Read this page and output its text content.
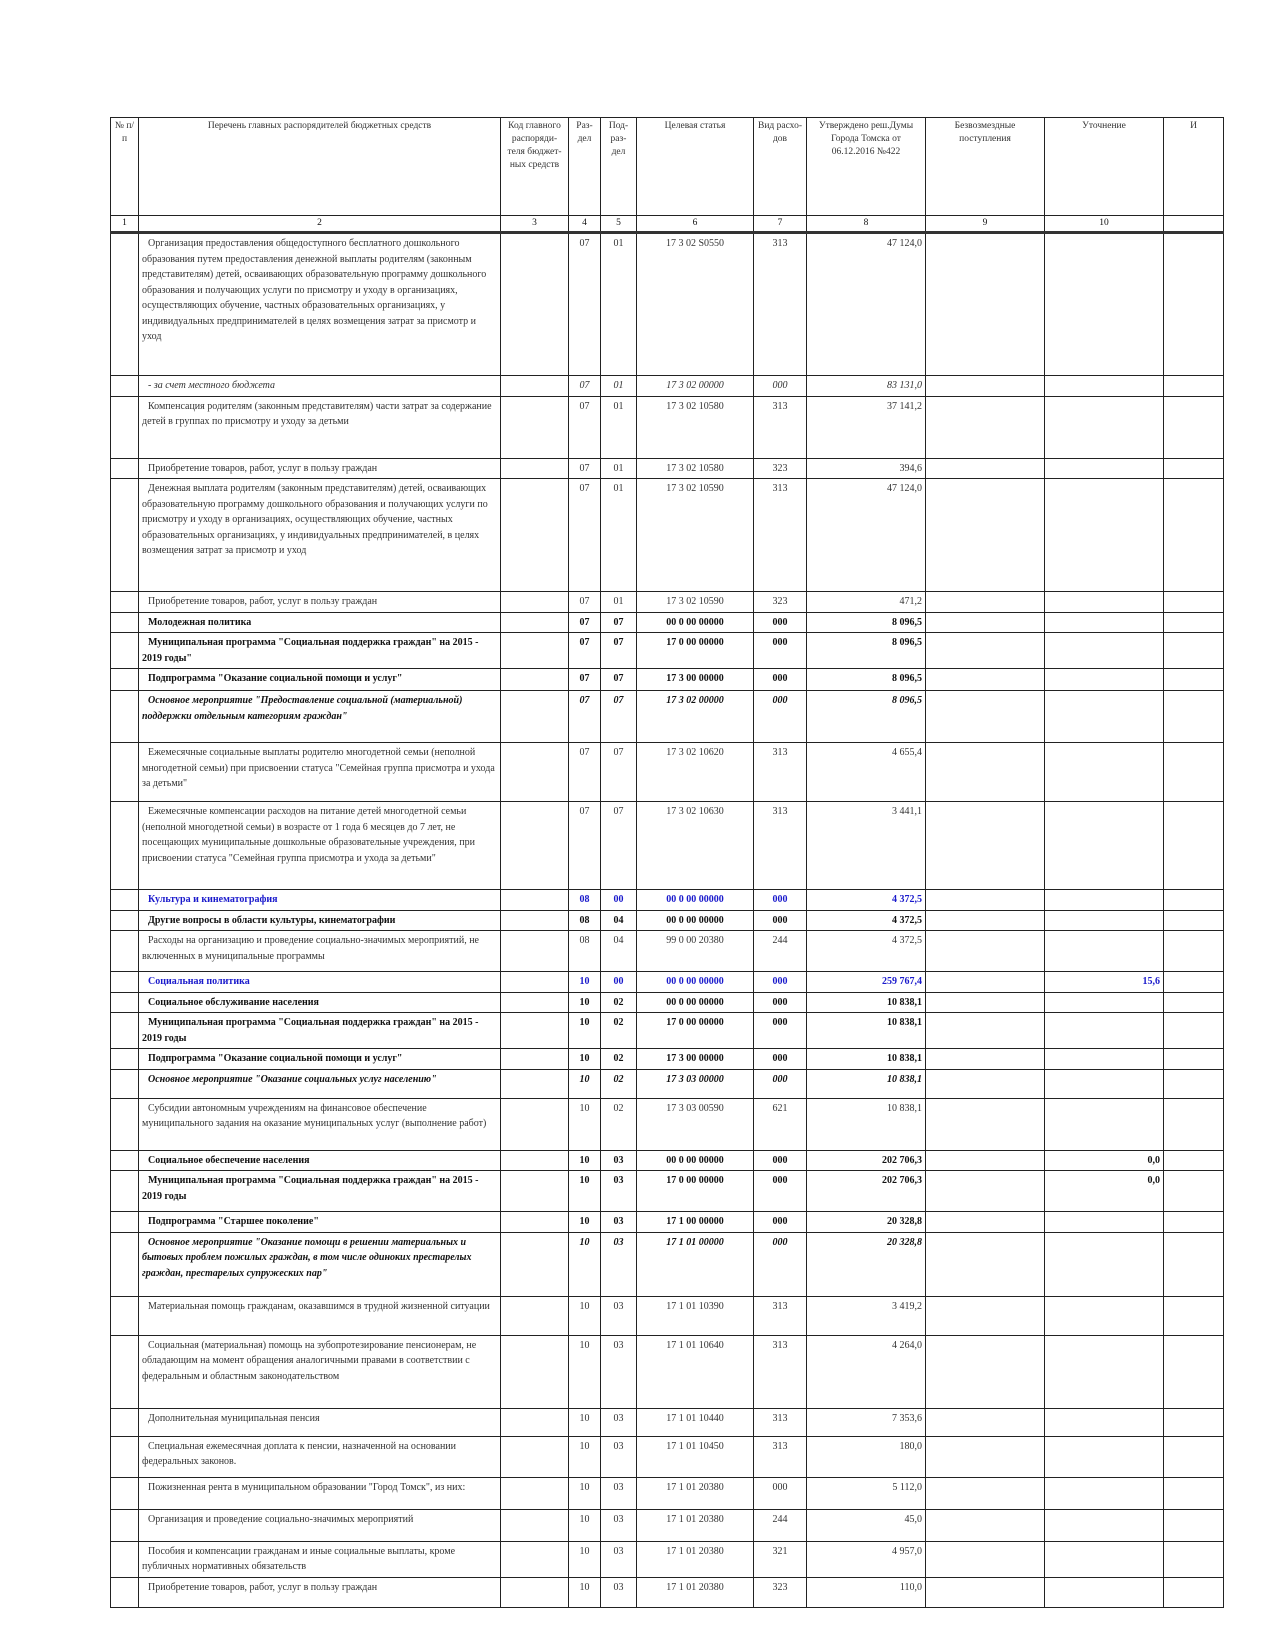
№ п/п	Перечень главных распорядителей бюджетных средств	Код главного распоряди-теля бюджет-ных средств	Раз-дел	Под-раз-дел	Целевая статья	Вид расхо-дов	Утверждено реш.Думы Города Томска от 06.12.2016 №422	Безвозмездные поступления	Уточнение	И
1	2	3	4	5	6	7	8	9	10	
	Организация предоставления общедоступного бесплатного дошкольного образования путем предоставления денежной выплаты родителям (законным представителям) детей, осваивающих образовательную программу дошкольного образования и получающих услуги по присмотру и уходу в организациях, осуществляющих обучение, частных образовательных организациях, у индивидуальных предпринимателей в целях возмещения затрат за присмотр и уход		07	01	17 3 02 S0550	313	47 124,0			
	- за счет местного бюджета		07	01	17 3 02 00000	000	83 131,0			
	Компенсация родителям (законным представителям) части затрат за содержание детей в группах по присмотру и уходу за детьми		07	01	17 3 02 10580	313	37 141,2			
	Приобретение товаров, работ, услуг в пользу граждан		07	01	17 3 02 10580	323	394,6			
	Денежная выплата родителям (законным представителям) детей, осваивающих образовательную программу дошкольного образования и получающих услуги по присмотру и уходу в организациях, осуществляющих обучение, частных образовательных организациях, у индивидуальных предпринимателей, в целях возмещения затрат за присмотр и уход		07	01	17 3 02 10590	313	47 124,0			
	Приобретение товаров, работ, услуг в пользу граждан		07	01	17 3 02 10590	323	471,2			
	Молодежная политика		07	07	00 0 00 00000	000	8 096,5			
	Муниципальная программа "Социальная поддержка граждан" на 2015 - 2019 годы"		07	07	17 0 00 00000	000	8 096,5			
	Подпрограмма "Оказание социальной помощи и услуг"		07	07	17 3 00 00000	000	8 096,5			
	Основное мероприятие "Предоставление социальной (материальной) поддержки отдельным категориям граждан"		07	07	17 3 02 00000	000	8 096,5			
	Ежемесячные социальные выплаты родителю многодетной семьи (неполной многодетной семьи) при присвоении статуса "Семейная группа присмотра и ухода за детьми"		07	07	17 3 02 10620	313	4 655,4			
	Ежемесячные компенсации расходов на питание детей многодетной семьи (неполной многодетной семьи) в возрасте от 1 года 6 месяцев до 7 лет, не посещающих муниципальные дошкольные образовательные учреждения, при присвоении статуса "Семейная группа присмотра и ухода за детьми"		07	07	17 3 02 10630	313	3 441,1			
	Культура и кинематография		08	00	00 0 00 00000	000	4 372,5			
	Другие вопросы в области культуры, кинематографии		08	04	00 0 00 00000	000	4 372,5			
	Расходы на организацию и проведение социально-значимых мероприятий, не включенных в муниципальные программы		08	04	99 0 00 20380	244	4 372,5			
	Социальная политика		10	00	00 0 00 00000	000	259 767,4		15,6	
	Социальное обслуживание населения		10	02	00 0 00 00000	000	10 838,1			
	Муниципальная программа "Социальная поддержка граждан" на 2015 - 2019 годы		10	02	17 0 00 00000	000	10 838,1			
	Подпрограмма "Оказание социальной помощи и услуг"		10	02	17 3 00 00000	000	10 838,1			
	Основное мероприятие "Оказание социальных услуг населению"		10	02	17 3 03 00000	000	10 838,1			
	Субсидии автономным учреждениям на финансовое обеспечение муниципального задания на оказание муниципальных услуг (выполнение работ)		10	02	17 3 03 00590	621	10 838,1			
	Социальное обеспечение населения		10	03	00 0 00 00000	000	202 706,3		0,0	
	Муниципальная программа "Социальная поддержка граждан" на 2015 - 2019 годы		10	03	17 0 00 00000	000	202 706,3		0,0	
	Подпрограмма "Старшее поколение"		10	03	17 1 00 00000	000	20 328,8			
	Основное мероприятие "Оказание помощи в решении материальных и бытовых проблем пожилых граждан, в том числе одиноких престарелых граждан, престарелых супружеских пар"		10	03	17 1 01 00000	000	20 328,8			
	Материальная помощь гражданам, оказавшимся в трудной жизненной ситуации		10	03	17 1 01 10390	313	3 419,2			
	Социальная (материальная) помощь на зубопротезирование пенсионерам, не обладающим на момент обращения аналогичными правами в соответствии с федеральным и областным законодательством		10	03	17 1 01 10640	313	4 264,0			
	Дополнительная муниципальная пенсия		10	03	17 1 01 10440	313	7 353,6			
	Специальная ежемесячная доплата к пенсии, назначенной на основании федеральных законов.		10	03	17 1 01 10450	313	180,0			
	Пожизненная рента в муниципальном образовании "Город Томск", из них:		10	03	17 1 01 20380	000	5 112,0			
	Организация и проведение социально-значимых мероприятий		10	03	17 1 01 20380	244	45,0			
	Пособия и компенсации гражданам и иные социальные выплаты, кроме публичных нормативных обязательств		10	03	17 1 01 20380	321	4 957,0			
	Приобретение товаров, работ, услуг в пользу граждан		10	03	17 1 01 20380	323	110,0			
